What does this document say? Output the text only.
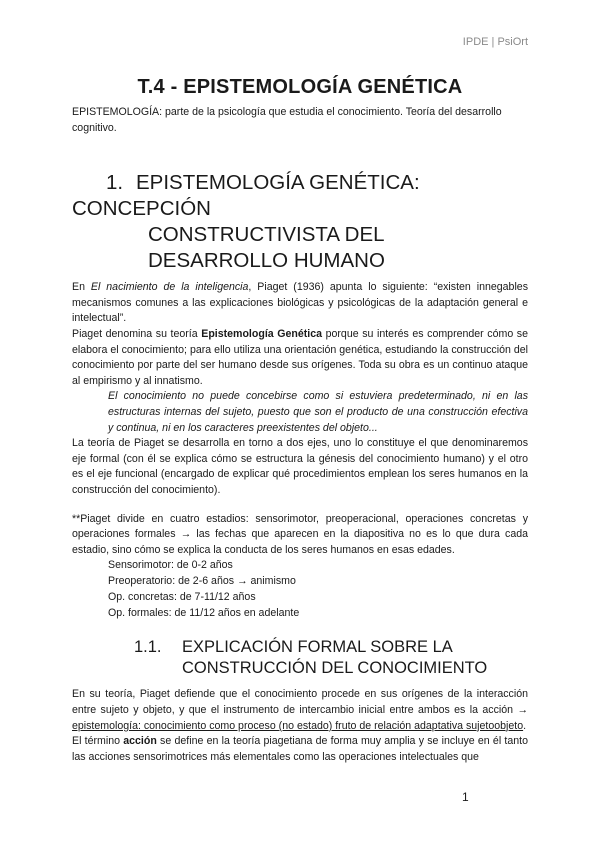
IPDE | PsiOrt
T.4 - EPISTEMOLOGÍA GENÉTICA

EPISTEMOLOGÍA: parte de la psicología que estudia el conocimiento. Teoría del desarrollo cognitivo.

1. EPISTEMOLOGÍA GENÉTICA: CONCEPCIÓN
CONSTRUCTIVISTA DEL
DESARROLLO HUMANO

En El nacimiento de la inteligencia, Piaget (1936) apunta lo siguiente: “existen innegables mecanismos comunes a las explicaciones biológicas y psicológicas de la adaptación general e intelectual”.

Piaget denomina su teoría Epistemología Genética porque su interés es comprender cómo se elabora el conocimiento; para ello utiliza una orientación genética, estudiando la construcción del conocimiento por parte del ser humano desde sus orígenes. Toda su obra es un continuo ataque al empirismo y al innatismo.

El conocimiento no puede concebirse como si estuviera predeterminado, ni en las estructuras internas del sujeto, puesto que son el producto de una construcción efectiva y continua, ni en los caracteres preexistentes del objeto...

La teoría de Piaget se desarrolla en torno a dos ejes, uno lo constituye el que denominaremos eje formal (con él se explica cómo se estructura la génesis del conocimiento humano) y el otro es el eje funcional (encargado de explicar qué procedimientos emplean los seres humanos en la construcción del conocimiento).

**Piaget divide en cuatro estadios: sensorimotor, preoperacional, operaciones concretas y operaciones formales → las fechas que aparecen en la diapositiva no es lo que dura cada estadio, sino cómo se explica la conducta de los seres humanos en esas edades.

Sensorimotor: de 0-2 años
Preoperatorio: de 2-6 años → animismo
Op. concretas: de 7-11/12 años
Op. formales: de 11/12 años en adelante
1.1. EXPLICACIÓN FORMAL SOBRE LA
CONSTRUCCIÓN DEL CONOCIMIENTO

En su teoría, Piaget defiende que el conocimiento procede en sus orígenes de la interacción entre sujeto y objeto, y que el instrumento de intercambio inicial entre ambos es la acción → epistemología: conocimiento como proceso (no estado) fruto de relación adaptativa sujetoobjeto.

El término acción se define en la teoría piagetiana de forma muy amplia y se incluye en él tanto las acciones sensorimotrices más elementales como las operaciones intelectuales que

1
